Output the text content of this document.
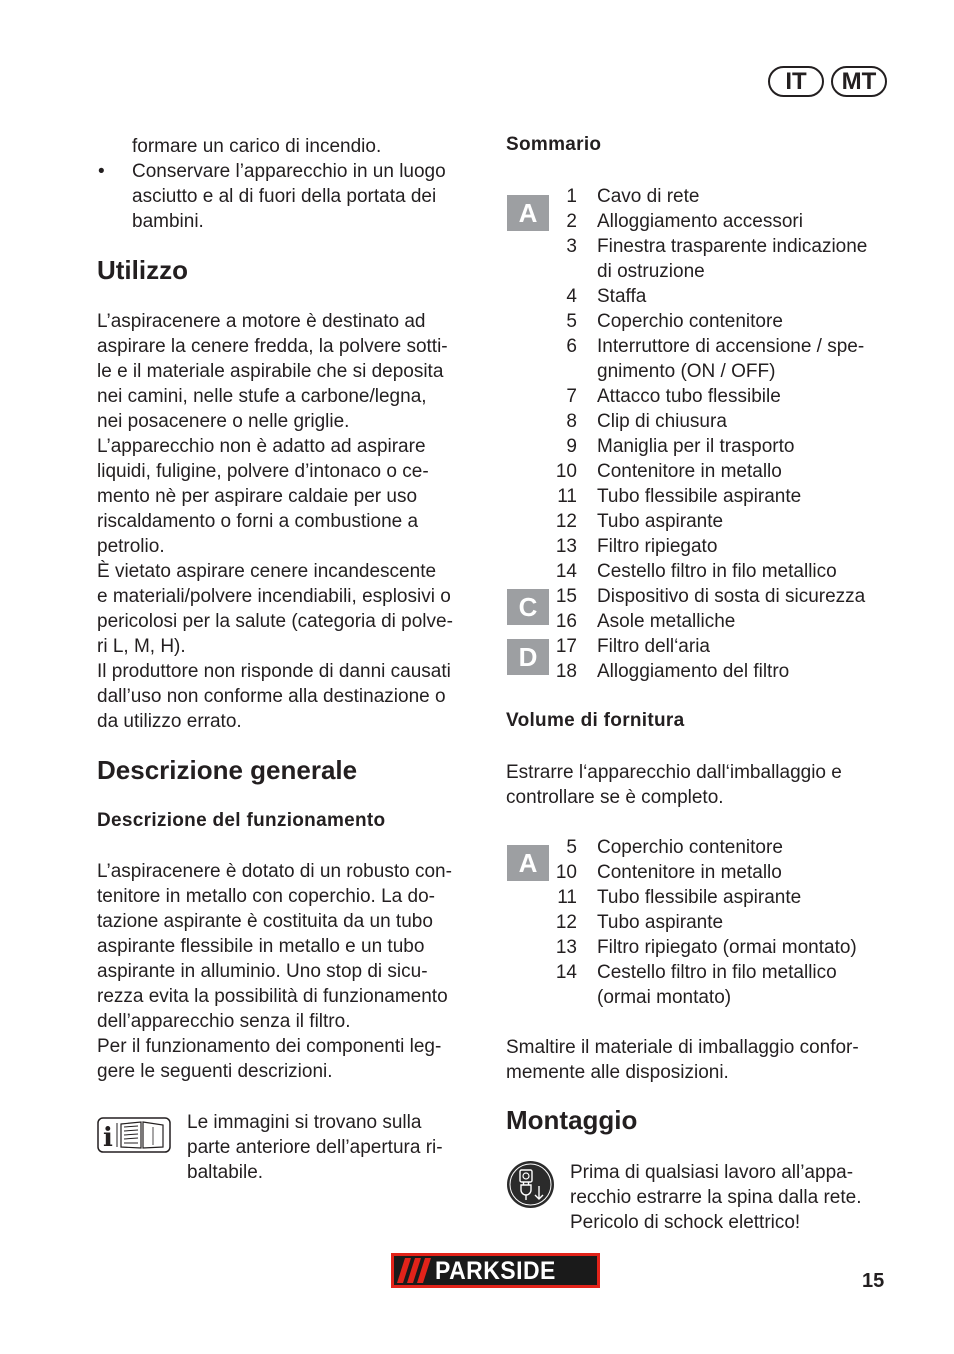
IT	MT
formare un carico di incendio.
• Conservare l’apparecchio in un luogo
asciutto e al di fuori della portata dei
bambini.
Utilizzo
L’aspiracenere a motore è destinato ad
aspirare la cenere fredda, la polvere sotti-
le e il materiale aspirabile che si deposita
nei camini, nelle stufe a carbone/legna,
nei posacenere o nelle griglie.
L’apparecchio non è adatto ad aspirare
liquidi, fuligine, polvere d’intonaco o ce-
mento nè per aspirare caldaie per uso
riscaldamento o forni a combustione a
petrolio.
È vietato aspirare cenere incandescente
e materiali/polvere incendiabili, esplosivi o
pericolosi per la salute (categoria di polve-
ri L, M, H).
Il produttore non risponde di danni causati
dall’uso non conforme alla destinazione o
da utilizzo errato.
Descrizione generale
Descrizione del funzionamento
L’aspiracenere è dotato di un robusto con-
tenitore in metallo con coperchio. La do-
tazione aspirante è costituita da un tubo
aspirante flessibile in metallo e un tubo
aspirante in alluminio. Uno stop di sicu-
rezza evita la possibilità di funzionamento
dell’apparecchio senza il filtro.
Per il funzionamento dei componenti leg-
gere le seguenti descrizioni.
i
Le immagini si trovano sulla
parte anteriore dell’apertura ri-
baltabile.
Sommario
A
C
D
1 Cavo di rete
2 Alloggiamento accessori
3 Finestra trasparente indicazione
di ostruzione
4 Staffa
5 Coperchio contenitore
6 Interruttore di accensione / spe-
gnimento (ON / OFF)
7 Attacco tubo flessibile
8 Clip di chiusura
9 Maniglia per il trasporto
10 Contenitore in metallo
11 Tubo flessibile aspirante
12 Tubo aspirante
13 Filtro ripiegato
14 Cestello filtro in filo metallico
15 Dispositivo di sosta di sicurezza
16 Asole metalliche
17 Filtro dell‘aria
18 Alloggiamento del filtro
Volume di fornitura
Estrarre l‘apparecchio dall‘imballaggio e
controllare se è completo.
A
5 Coperchio contenitore
10 Contenitore in metallo
11 Tubo flessibile aspirante
12 Tubo aspirante
13 Filtro ripiegato (ormai montato)
14 Cestello filtro in filo metallico
(ormai montato)
Smaltire il materiale di imballaggio confor-
memente alle disposizioni.
Montaggio
Prima di qualsiasi lavoro all’appa-
recchio estrarre la spina dalla rete.
Pericolo di schock elettrico!
PARKSIDE	15
